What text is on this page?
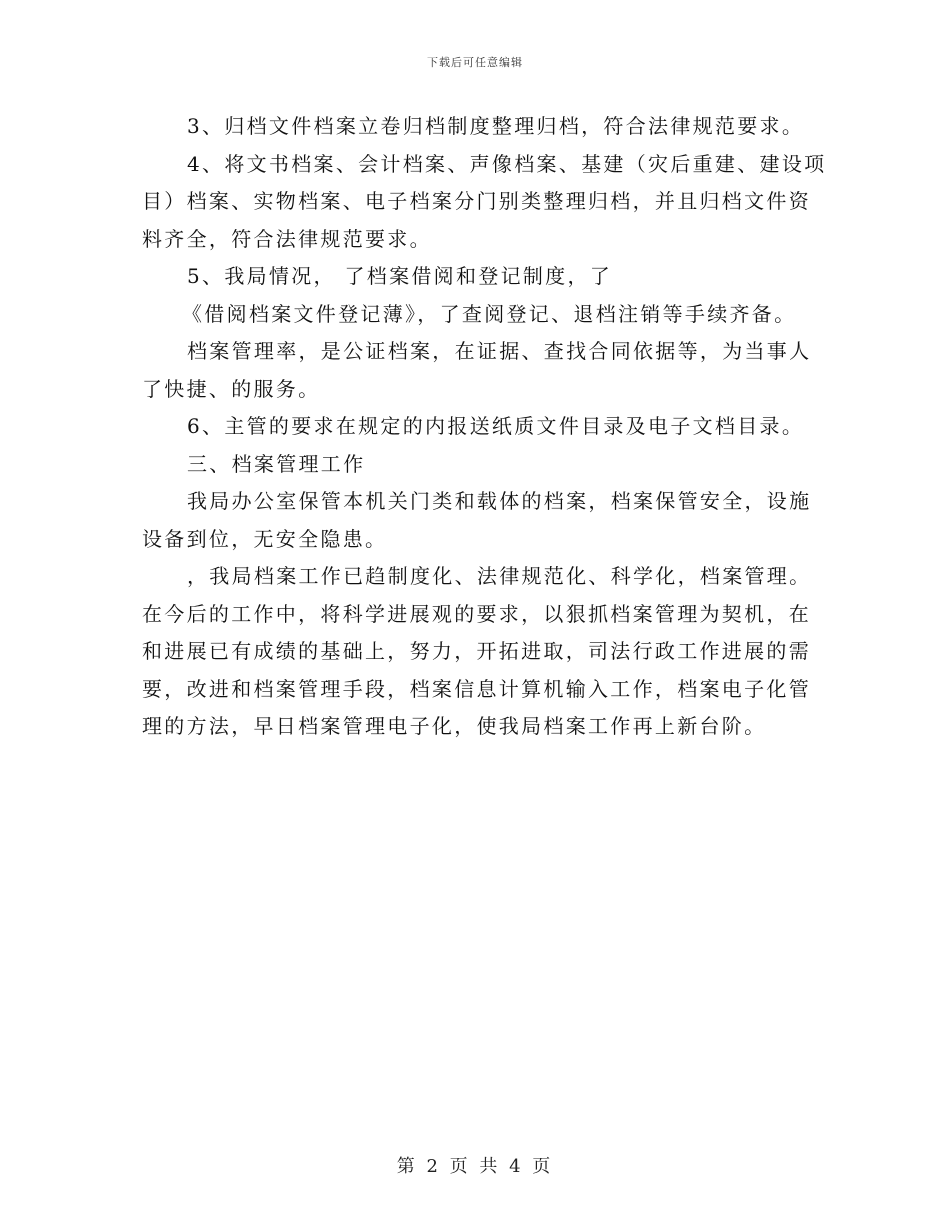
下载后可任意编辑
3、归档文件档案立卷归档制度整理归档，符合法律规范要求。
4、将文书档案、会计档案、声像档案、基建（灾后重建、建设项
目）档案、实物档案、电子档案分门别类整理归档，并且归档文件资
料齐全，符合法律规范要求。
5、我局情况， 了档案借阅和登记制度，了
《借阅档案文件登记薄》，了查阅登记、退档注销等手续齐备。
档案管理率，是公证档案，在证据、查找合同依据等，为当事人
了快捷、的服务。
6、主管的要求在规定的内报送纸质文件目录及电子文档目录。
三、档案管理工作
我局办公室保管本机关门类和载体的档案，档案保管安全，设施
设备到位，无安全隐患。
，我局档案工作已趋制度化、法律规范化、科学化，档案管理。
在今后的工作中，将科学进展观的要求，以狠抓档案管理为契机，在
和进展已有成绩的基础上，努力，开拓进取，司法行政工作进展的需
要，改进和档案管理手段，档案信息计算机输入工作，档案电子化管
理的方法，早日档案管理电子化，使我局档案工作再上新台阶。
第 2 页 共 4 页
